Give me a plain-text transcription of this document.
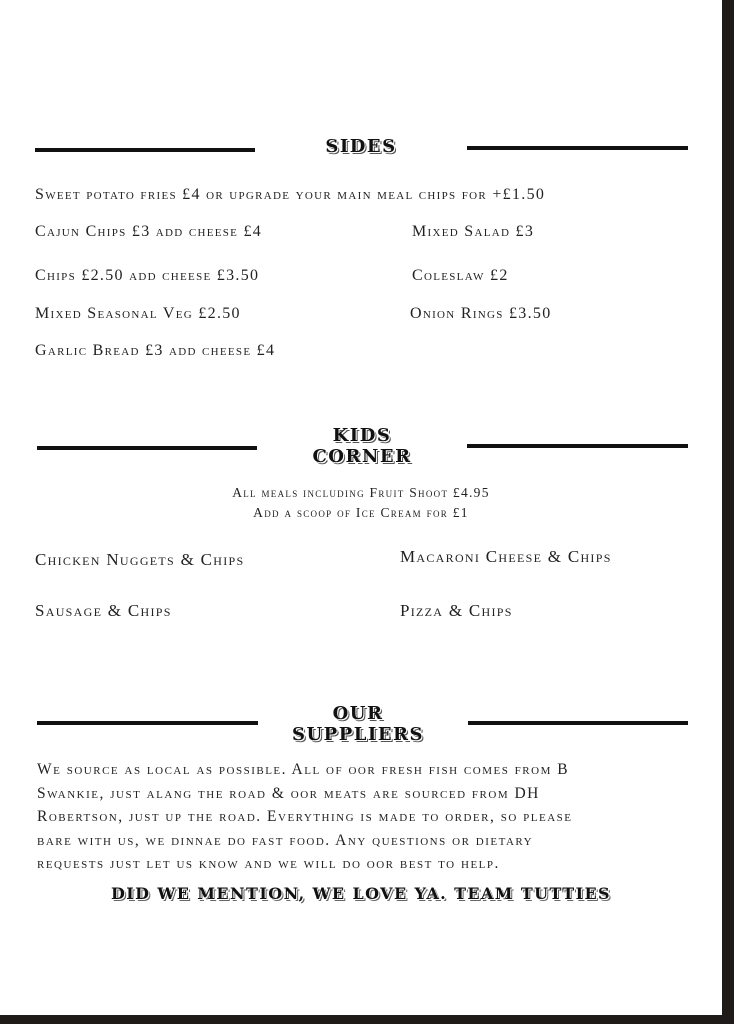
SIDES
Sweet potato fries £4 or upgrade your main meal chips for +£1.50
Cajun Chips £3 add cheese £4
Chips £2.50 add cheese £3.50
Mixed Seasonal Veg £2.50
Garlic Bread £3 add cheese £4
Mixed Salad £3
Coleslaw £2
Onion Rings £3.50
KIDS
CORNER
All meals including Fruit Shoot £4.95
Add a scoop of Ice Cream for £1
Chicken Nuggets & Chips	Macaroni Cheese & Chips
Sausage & Chips	Pizza & Chips
OUR
SUPPLIERS
We source as local as possible. All of oor fresh fish comes from B
Swankie, just alang the road & oor meats are sourced from DH
Robertson, just up the road. Everything is made to order, so please
bare with us, we dinnae do fast food. Any questions or dietary
requests just let us know and we will do oor best to help.
DID WE MENTION, WE LOVE YA. TEAM TUTTIES
